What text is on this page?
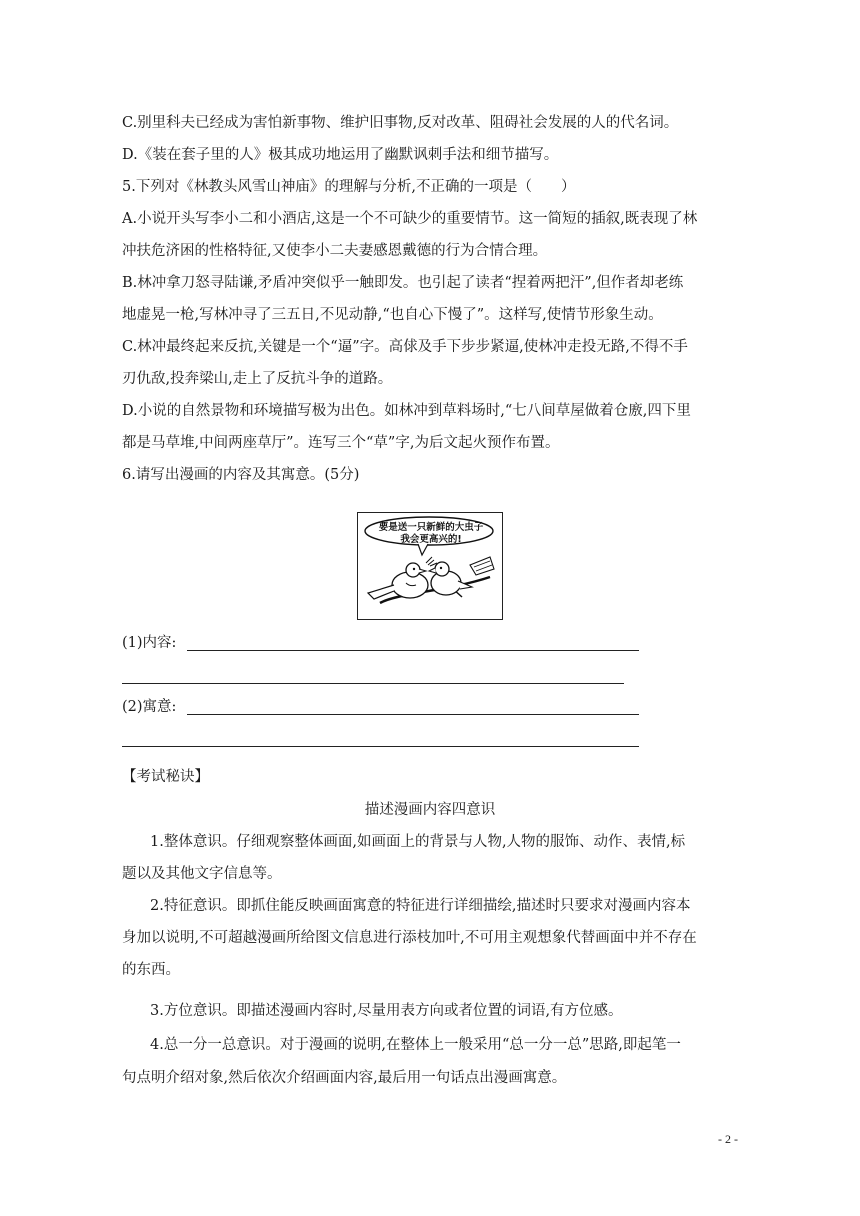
C.别里科夫已经成为害怕新事物、维护旧事物,反对改革、阻碍社会发展的人的代名词。
D.《装在套子里的人》极其成功地运用了幽默讽刺手法和细节描写。
5.下列对《林教头风雪山神庙》的理解与分析,不正确的一项是（　　）
A.小说开头写李小二和小酒店,这是一个不可缺少的重要情节。这一简短的插叙,既表现了林
冲扶危济困的性格特征,又使李小二夫妻感恩戴德的行为合情合理。
B.林冲拿刀怒寻陆谦,矛盾冲突似乎一触即发。也引起了读者“捏着两把汗”,但作者却老练
地虚晃一枪,写林冲寻了三五日,不见动静,“也自心下慢了”。这样写,使情节形象生动。
C.林冲最终起来反抗,关键是一个“逼”字。高俅及手下步步紧逼,使林冲走投无路,不得不手
刃仇敌,投奔梁山,走上了反抗斗争的道路。
D.小说的自然景物和环境描写极为出色。如林冲到草料场时,“七八间草屋做着仓廒,四下里
都是马草堆,中间两座草厅”。连写三个“草”字,为后文起火预作布置。
6.请写出漫画的内容及其寓意。(5分)
要是送一只新鲜的大虫子
我会更高兴的!
(1)内容:
(2)寓意:
【考试秘诀】
描述漫画内容四意识
1.整体意识。仔细观察整体画面,如画面上的背景与人物,人物的服饰、动作、表情,标
题以及其他文字信息等。
2.特征意识。即抓住能反映画面寓意的特征进行详细描绘,描述时只要求对漫画内容本
身加以说明,不可超越漫画所给图文信息进行添枝加叶,不可用主观想象代替画面中并不存在
的东西。
3.方位意识。即描述漫画内容时,尽量用表方向或者位置的词语,有方位感。
4.总一分一总意识。对于漫画的说明,在整体上一般采用“总一分一总”思路,即起笔一
句点明介绍对象,然后依次介绍画面内容,最后用一句话点出漫画寓意。
- 2 -
